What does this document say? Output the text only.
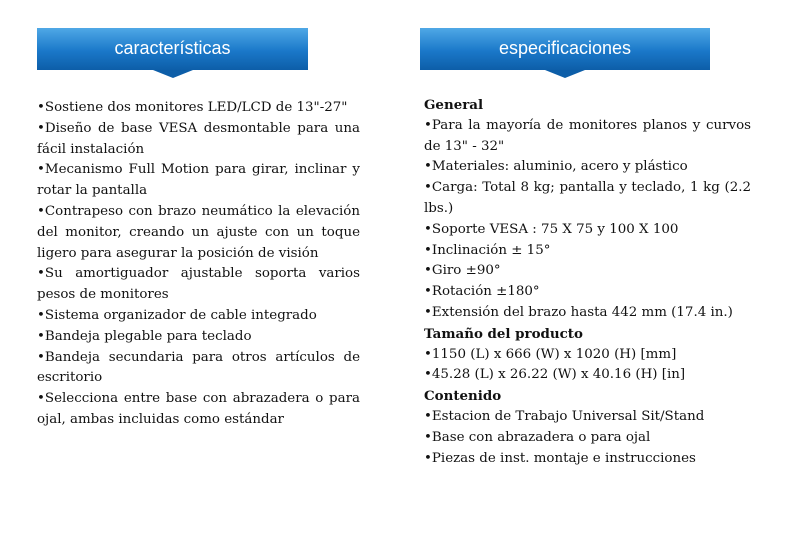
características	especificaciones

•Sostiene dos monitores LED/LCD de 13"-27"

•Diseño de base VESA desmontable para una fácil instalación

•Mecanismo Full Motion para girar, inclinar y rotar la pantalla

•Contrapeso con brazo neumático la elevación del monitor, creando un ajuste con un toque ligero para asegurar la posición de visión

•Su amortiguador ajustable soporta varios pesos de monitores

•Sistema organizador de cable integrado

•Bandeja plegable para teclado

•Bandeja secundaria para otros artículos de escritorio

•Selecciona entre base con abrazadera o para ojal, ambas incluidas como estándar

General

•Para la mayoría de monitores planos y curvos de 13" - 32"

•Materiales: aluminio, acero y plástico

•Carga: Total 8 kg; pantalla y teclado, 1 kg (2.2 lbs.)

•Soporte VESA : 75 X 75 y 100 X 100

•Inclinación ± 15°

•Giro ±90°

•Rotación ±180°

•Extensión del brazo hasta 442 mm (17.4 in.)

Tamaño del producto

•1150 (L) x 666 (W) x 1020 (H) [mm]

•45.28 (L) x 26.22 (W) x 40.16 (H) [in]

Contenido

•Estacion de Trabajo Universal Sit/Stand

•Base con abrazadera o para ojal

•Piezas de inst. montaje e instrucciones
